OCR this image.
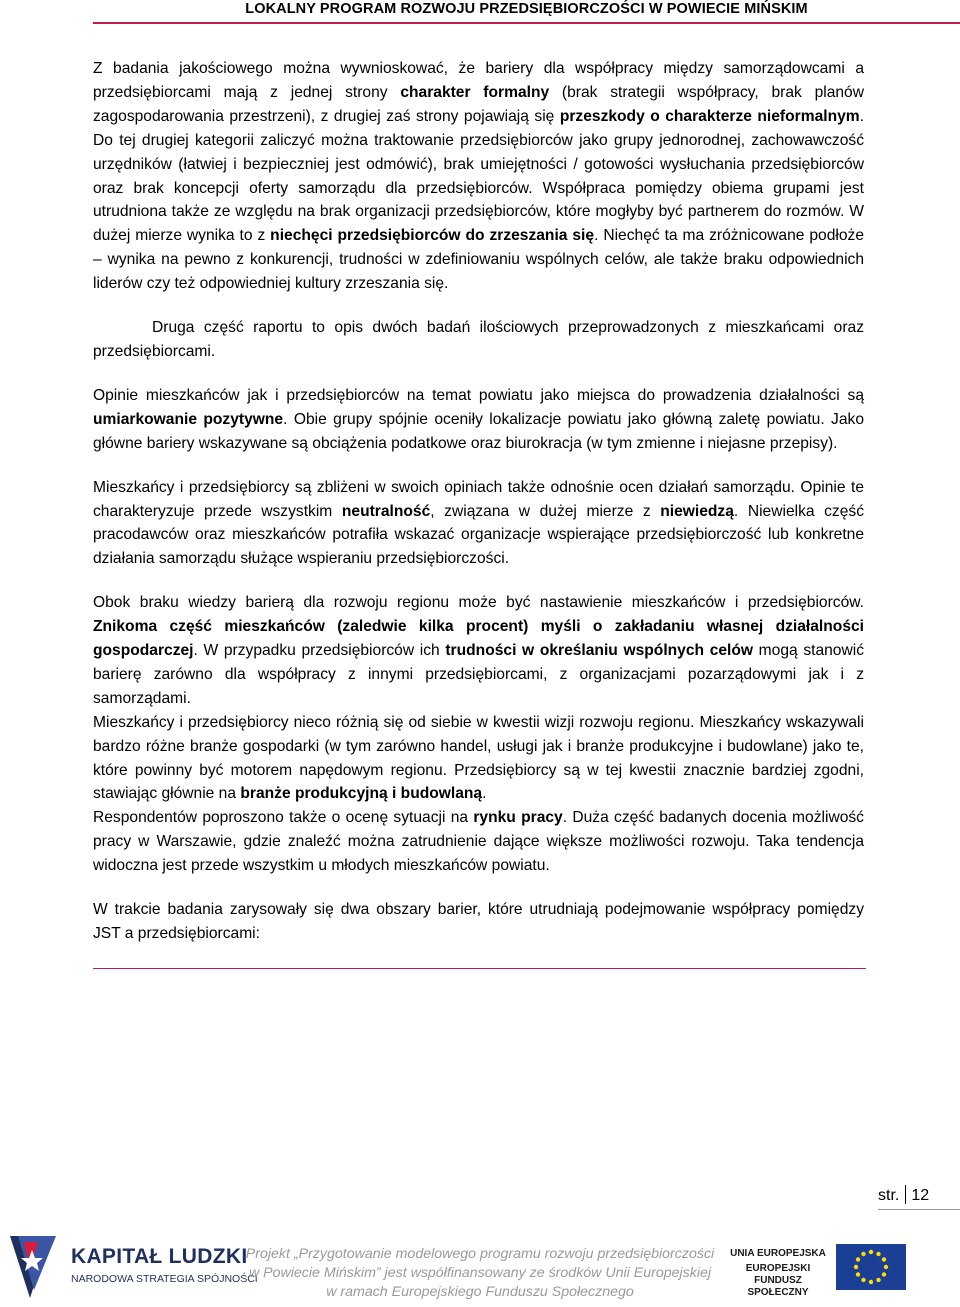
LOKALNY PROGRAM ROZWOJU PRZEDSIĘBIORCZOŚCI W POWIECIE MIŃSKIM

Z badania jakościowego można wywnioskować, że bariery dla współpracy między samorządowcami a przedsiębiorcami mają z jednej strony charakter formalny (brak strategii współpracy, brak planów zagospodarowania przestrzeni), z drugiej zaś strony pojawiają się przeszkody o charakterze nieformalnym. Do tej drugiej kategorii zaliczyć można traktowanie przedsiębiorców jako grupy jednorodnej, zachowawczość urzędników (łatwiej i bezpieczniej jest odmówić), brak umiejętności / gotowości wysłuchania przedsiębiorców oraz brak koncepcji oferty samorządu dla przedsiębiorców. Współpraca pomiędzy obiema grupami jest utrudniona także ze względu na brak organizacji przedsiębiorców, które mogłyby być partnerem do rozmów. W dużej mierze wynika to z niechęci przedsiębiorców do zrzeszania się. Niechęć ta ma zróżnicowane podłoże – wynika na pewno z konkurencji, trudności w zdefiniowaniu wspólnych celów, ale także braku odpowiednich liderów czy też odpowiedniej kultury zrzeszania się.

Druga część raportu to opis dwóch badań ilościowych przeprowadzonych z mieszkańcami oraz przedsiębiorcami.

Opinie mieszkańców jak i przedsiębiorców na temat powiatu jako miejsca do prowadzenia działalności są umiarkowanie pozytywne. Obie grupy spójnie oceniły lokalizacje powiatu jako główną zaletę powiatu. Jako główne bariery wskazywane są obciążenia podatkowe oraz biurokracja (w tym zmienne i niejasne przepisy).

Mieszkańcy i przedsiębiorcy są zbliżeni w swoich opiniach także odnośnie ocen działań samorządu. Opinie te charakteryzuje przede wszystkim neutralność, związana w dużej mierze z niewiedzą. Niewielka część pracodawców oraz mieszkańców potrafiła wskazać organizacje wspierające przedsiębiorczość lub konkretne działania samorządu służące wspieraniu przedsiębiorczości.

Obok braku wiedzy barierą dla rozwoju regionu może być nastawienie mieszkańców i przedsiębiorców. Znikoma część mieszkańców (zaledwie kilka procent) myśli o zakładaniu własnej działalności gospodarczej. W przypadku przedsiębiorców ich trudności w określaniu wspólnych celów mogą stanowić barierę zarówno dla współpracy z innymi przedsiębiorcami, z organizacjami pozarządowymi jak i z samorządami.

Mieszkańcy i przedsiębiorcy nieco różnią się od siebie w kwestii wizji rozwoju regionu. Mieszkańcy wskazywali bardzo różne branże gospodarki (w tym zarówno handel, usługi jak i branże produkcyjne i budowlane) jako te, które powinny być motorem napędowym regionu. Przedsiębiorcy są w tej kwestii znacznie bardziej zgodni, stawiając głównie na branże produkcyjną i budowlaną.

Respondentów poproszono także o ocenę sytuacji na rynku pracy. Duża część badanych docenia możliwość pracy w Warszawie, gdzie znaleźć można zatrudnienie dające większe możliwości rozwoju. Taka tendencja widoczna jest przede wszystkim u młodych mieszkańców powiatu.

W trakcie badania zarysowały się dwa obszary barier, które utrudniają podejmowanie współpracy pomiędzy JST a przedsiębiorcami:

str. 12
KAPITAŁ LUDZKI
NARODOWA STRATEGIA SPÓJNOŚCI
Projekt „Przygotowanie modelowego programu rozwoju przedsiębiorczości
w Powiecie Mińskim” jest współfinansowany ze środków Unii Europejskiej
w ramach Europejskiego Funduszu Społecznego
UNIA EUROPEJSKA
EUROPEJSKI
FUNDUSZ SPOŁECZNY
